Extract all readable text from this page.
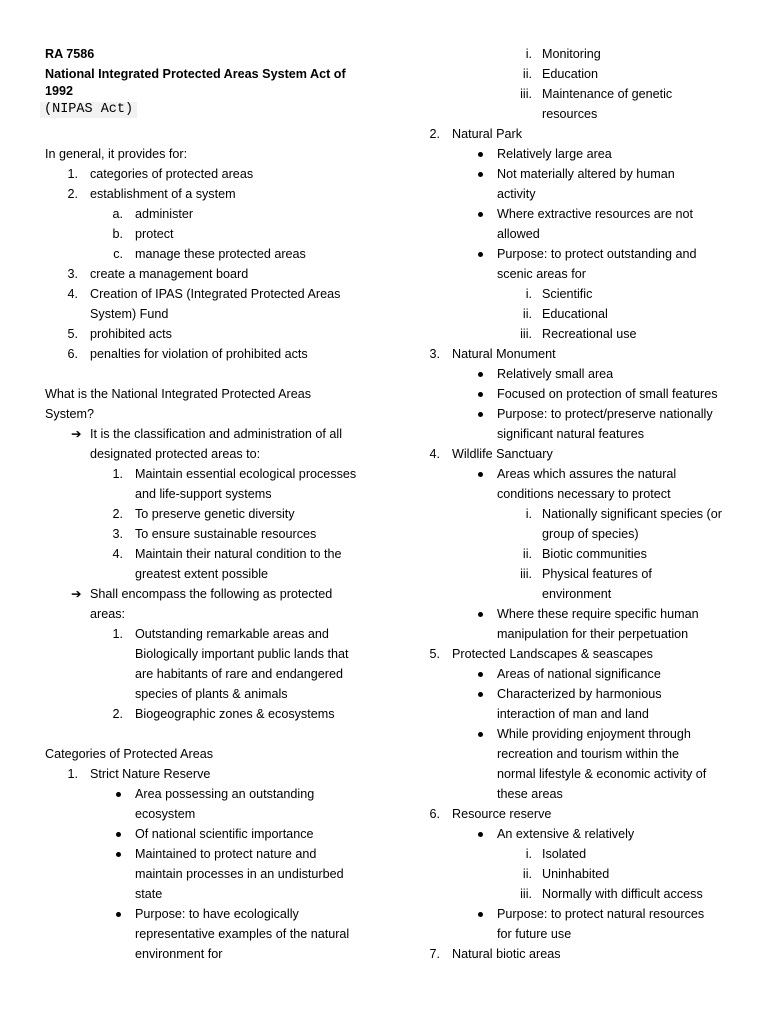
RA 7586
National Integrated Protected Areas System Act of
1992
(NIPAS Act)
In general, it provides for:
1. categories of protected areas
2. establishment of a system
a. administer
b. protect
c. manage these protected areas
3. create a management board
4. Creation of IPAS (Integrated Protected Areas
System) Fund
5. prohibited acts
6. penalties for violation of prohibited acts
What is the National Integrated Protected Areas
System?
➔ It is the classification and administration of all
designated protected areas to:
1. Maintain essential ecological processes
and life-support systems
2. To preserve genetic diversity
3. To ensure sustainable resources
4. Maintain their natural condition to the
greatest extent possible
➔ Shall encompass the following as protected
areas:
1. Outstanding remarkable areas and
Biologically important public lands that
are habitants of rare and endangered
species of plants & animals
2. Biogeographic zones & ecosystems
Categories of Protected Areas
1. Strict Nature Reserve
Area possessing an outstanding
ecosystem
Of national scientific importance
Maintained to protect nature and
maintain processes in an undisturbed
state
Purpose: to have ecologically
representative examples of the natural
environment for
i. Monitoring
ii. Education
iii. Maintenance of genetic
resources
2. Natural Park
Relatively large area
Not materially altered by human
activity
Where extractive resources are not
allowed
Purpose: to protect outstanding and
scenic areas for
i. Scientific
ii. Educational
iii. Recreational use
3. Natural Monument
Relatively small area
Focused on protection of small features
Purpose: to protect/preserve nationally
significant natural features
4. Wildlife Sanctuary
Areas which assures the natural
conditions necessary to protect
i. Nationally significant species (or
group of species)
ii. Biotic communities
iii. Physical features of
environment
Where these require specific human
manipulation for their perpetuation
5. Protected Landscapes & seascapes
Areas of national significance
Characterized by harmonious
interaction of man and land
While providing enjoyment through
recreation and tourism within the
normal lifestyle & economic activity of
these areas
6. Resource reserve
An extensive & relatively
i. Isolated
ii. Uninhabited
iii. Normally with difficult access
Purpose: to protect natural resources
for future use
7. Natural biotic areas
